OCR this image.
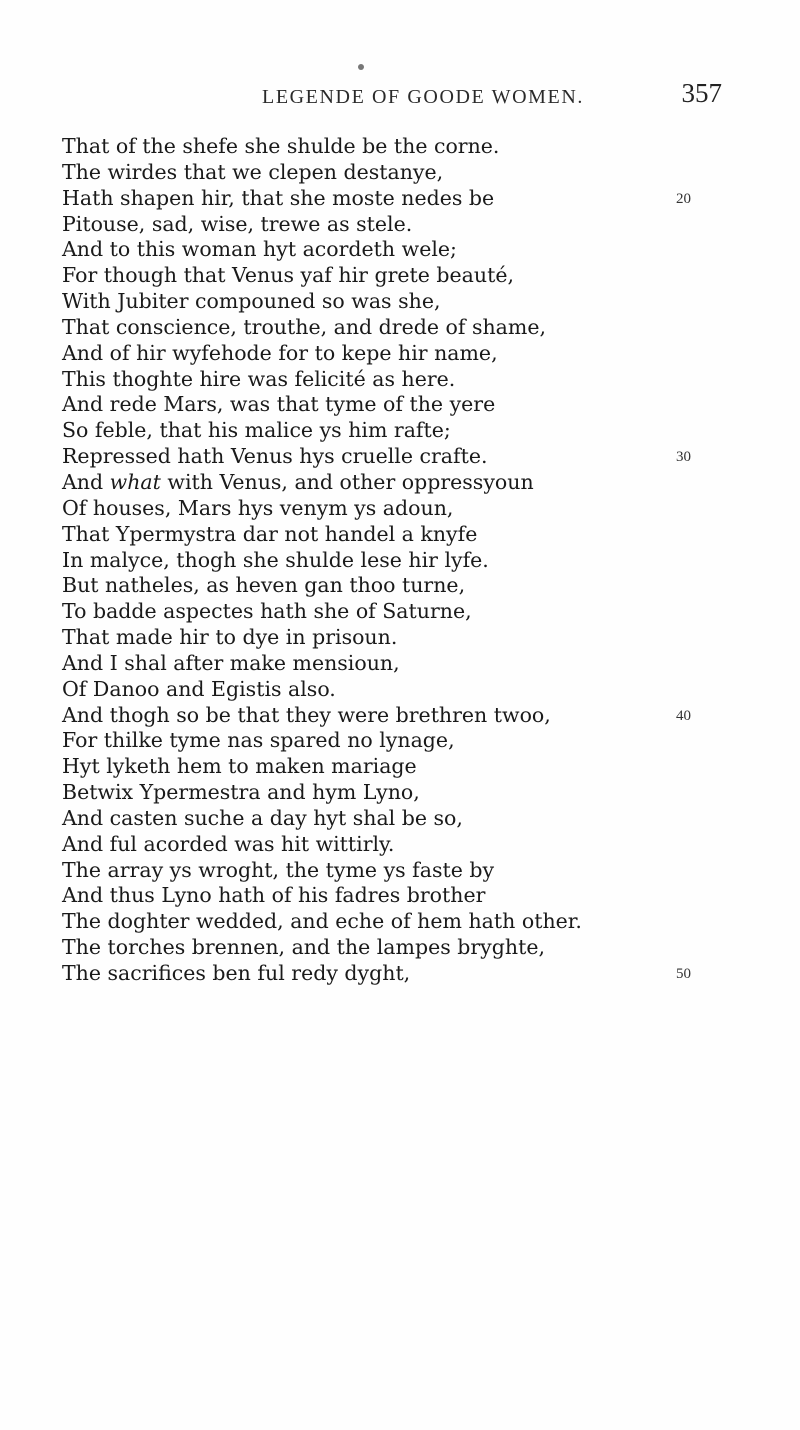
LEGENDE OF GOODE WOMEN.	357
That of the shefe she shulde be the corne.
The wirdes that we clepen destanye,
Hath shapen hir, that she moste nedes be	20
Pitouse, sad, wise, trewe as stele.
And to this woman hyt acordeth wele;
For though that Venus yaf hir grete beauté,
With Jubiter compouned so was she,
That conscience, trouthe, and drede of shame,
And of hir wyfehode for to kepe hir name,
This thoghte hire was felicité as here.
And rede Mars, was that tyme of the yere
So feble, that his malice ys him rafte;
Repressed hath Venus hys cruelle crafte.	30
And what with Venus, and other oppressyoun
Of houses, Mars hys venym ys adoun,
That Ypermystra dar not handel a knyfe
In malyce, thogh she shulde lese hir lyfe.
But natheles, as heven gan thoo turne,
To badde aspectes hath she of Saturne,
That made hir to dye in prisoun.
And I shal after make mensioun,
Of Danoo and Egistis also.
And thogh so be that they were brethren twoo,	40
For thilke tyme nas spared no lynage,
Hyt lyketh hem to maken mariage
Betwix Ypermestra and hym Lyno,
And casten suche a day hyt shal be so,
And ful acorded was hit wittirly.
The array ys wroght, the tyme ys faste by
And thus Lyno hath of his fadres brother
The doghter wedded, and eche of hem hath other.
The torches brennen, and the lampes bryghte,
The sacrifices ben ful redy dyght,	50
